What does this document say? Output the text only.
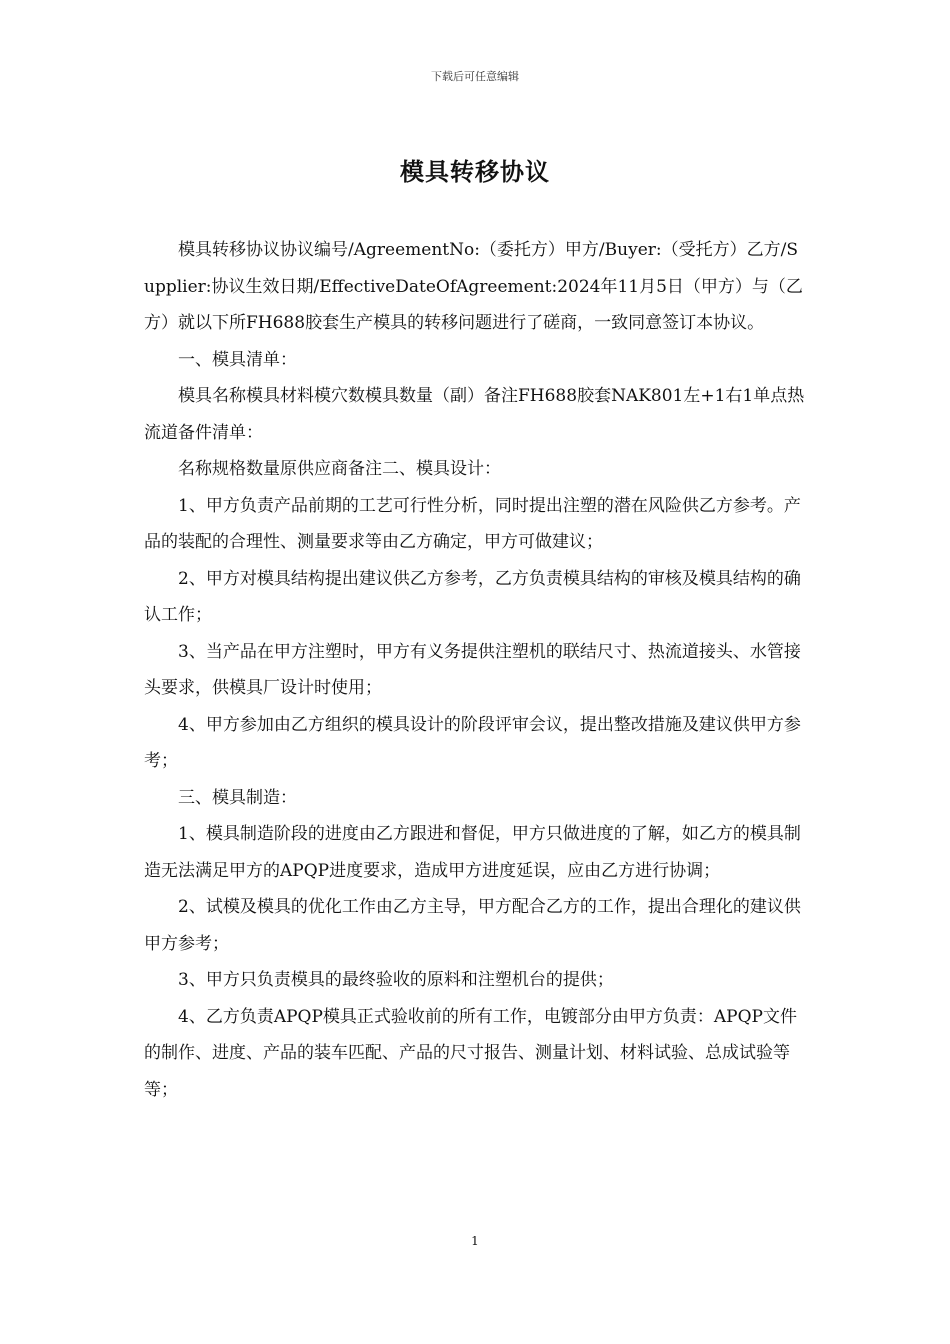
下载后可任意编辑
模具转移协议

模具转移协议协议编号/AgreementNo:（委托方）甲方/Buyer:（受托方）乙方/Supplier:协议生效日期/EffectiveDateOfAgreement:2024年11月5日（甲方）与（乙方）就以下所FH688胶套生产模具的转移问题进行了磋商，一致同意签订本协议。

一、模具清单：

模具名称模具材料模穴数模具数量（副）备注FH688胶套NAK801左+1右1单点热流道备件清单：

名称规格数量原供应商备注二、模具设计：

1、甲方负责产品前期的工艺可行性分析，同时提出注塑的潜在风险供乙方参考。产品的装配的合理性、测量要求等由乙方确定，甲方可做建议；

2、甲方对模具结构提出建议供乙方参考，乙方负责模具结构的审核及模具结构的确认工作；

3、当产品在甲方注塑时，甲方有义务提供注塑机的联结尺寸、热流道接头、水管接头要求，供模具厂设计时使用；

4、甲方参加由乙方组织的模具设计的阶段评审会议，提出整改措施及建议供甲方参考；

三、模具制造：

1、模具制造阶段的进度由乙方跟进和督促，甲方只做进度的了解，如乙方的模具制造无法满足甲方的APQP进度要求，造成甲方进度延误，应由乙方进行协调；

2、试模及模具的优化工作由乙方主导，甲方配合乙方的工作，提出合理化的建议供甲方参考；

3、甲方只负责模具的最终验收的原料和注塑机台的提供；

4、乙方负责APQP模具正式验收前的所有工作，电镀部分由甲方负责：APQP文件的制作、进度、产品的装车匹配、产品的尺寸报告、测量计划、材料试验、总成试验等等；

1
